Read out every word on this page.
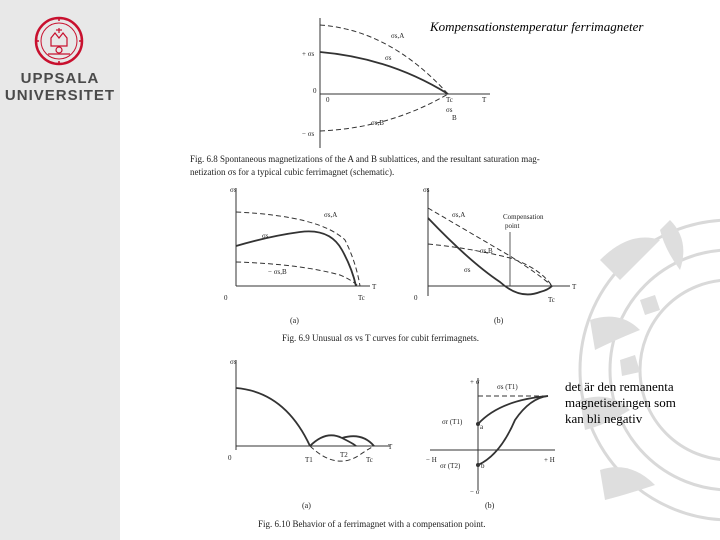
UPPSALA
UNIVERSITET
+ σs
0
− σs
0	T
Tc
σs,A
σs
σs,B
σs
B
Fig. 6.8 Spontaneous magnetizations of the A and B sublattices, and the resultant saturation mag-
netization σs for a typical cubic ferrimagnet (schematic).
σs
σs,A
σs
− σs,B
0
T
Tc
(a)
σs
σs,A
− σs,B
σs
0
T
Tc
Compensation
point
(b)
Fig. 6.9 Unusual σs vs T curves for cubit ferrimagnets.
σs
0
T
T1
T2
Tc
(a)
+ σ
− σ
σs (T1)
σr (T1)
σr (T2)
a
b
+ H
− H
(b)
Fig. 6.10 Behavior of a ferrimagnet with a compensation point.
Kompensationstemperatur ferrimagneter
det är den remanenta
magnetiseringen som
kan bli negativ
